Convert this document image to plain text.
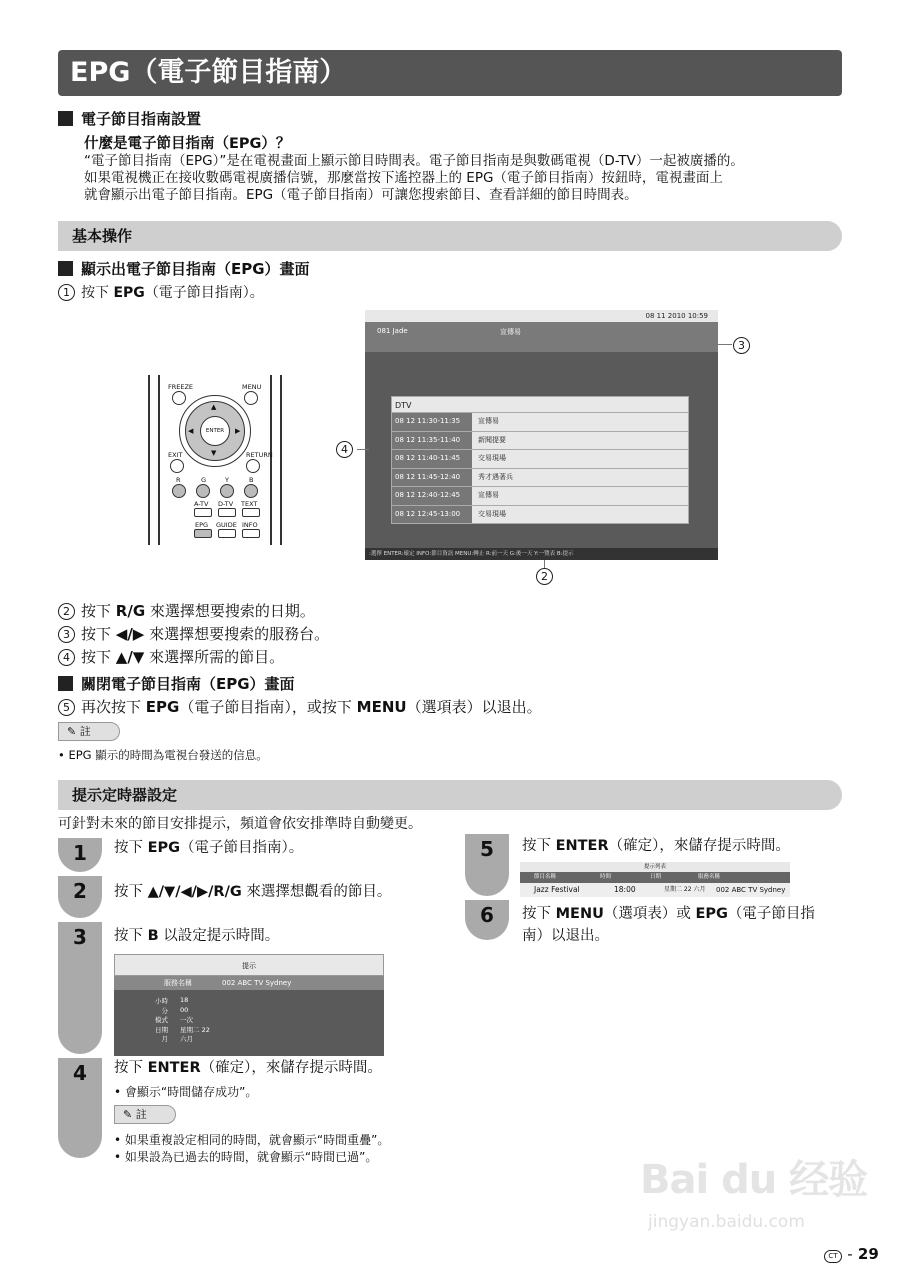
EPG（電子節目指南）
電子節目指南設置
什麼是電子節目指南（EPG）？
“電子節目指南（EPG）”是在電視畫面上顯示節目時間表。電子節目指南是與數碼電視（D-TV）一起被廣播的。
如果電視機正在接收數碼電視廣播信號，那麼當按下遙控器上的 EPG（電子節目指南）按鈕時，電視畫面上
就會顯示出電子節目指南。EPG（電子節目指南）可讓您搜索節目、查看詳細的節目時間表。
基本操作
顯示出電子節目指南（EPG）畫面
1 按下 EPG（電子節目指南）。
FREEZE	MENU
ENTER
▲
▼
◀	▶
EXIT	RETURN
R	G	Y	B
A-TV D-TV TEXT
EPG GUIDE INFO
08 11 2010 10:59
081 Jade	宣傳易
DTV
08 12 11:30-11:35	宣傳易
08 12 11:35-11:40	新聞提要
08 12 11:40-11:45	交易現場
08 12 11:45-12:40	秀才遇著兵
08 12 12:40-12:45	宣傳易
08 12 12:45-13:00	交易現場
:選擇 ENTER:確定 INFO:節目資訊 MENU:轉止 R:前一天 G:後一天 Y:一覽表 B:提示
3
4
2
2 按下 R/G 來選擇想要搜索的日期。
3 按下 ◀/▶ 來選擇想要搜索的服務台。
4 按下 ▲/▼ 來選擇所需的節目。
關閉電子節目指南（EPG）畫面
5 再次按下 EPG（電子節目指南），或按下 MENU（選項表）以退出。
✎ 註
• EPG 顯示的時間為電視台發送的信息。
提示定時器設定
可針對未來的節目安排提示，頻道會依安排準時自動變更。
1	按下 EPG（電子節目指南）。
2	按下 ▲/▼/◀/▶/R/G 來選擇想觀看的節目。
3	按下 B 以設定提示時間。
提示
服務名稱	002 ABC TV Sydney
小時	18
分	00
模式	一次
日期	星期二 22
月	六月
4	按下 ENTER（確定），來儲存提示時間。
• 會顯示“時間儲存成功”。
✎ 註
• 如果重複設定相同的時間，就會顯示“時間重疊”。
• 如果設為已過去的時間，就會顯示“時間已過”。
5	按下 ENTER（確定），來儲存提示時間。
提示列表
節目名稱	時間	日期	服務名稱
Jazz Festival	18:00	星期二 22 六月	002 ABC TV Sydney
6	按下 MENU（選項表）或 EPG（電子節目指
南）以退出。
Bai du 经验
jingyan.baidu.com
CT - 29
